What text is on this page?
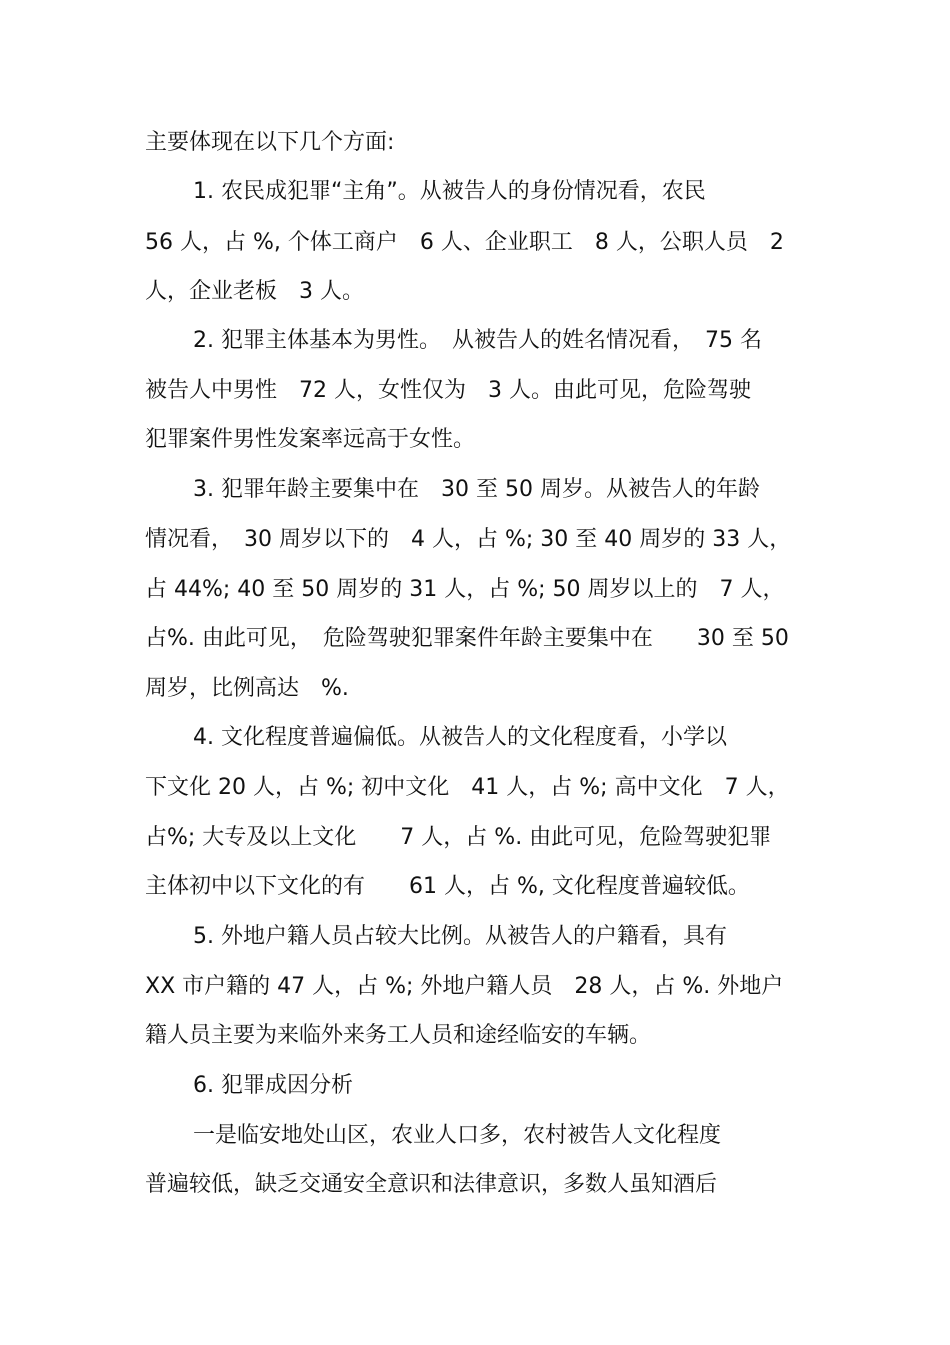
主要体现在以下几个方面:
1. 农民成犯罪“主角”。从被告人的身份情况看，农民
56 人，占 %, 个体工商户　6 人、企业职工　8 人，公职人员　2
人，企业老板　3 人。
2. 犯罪主体基本为男性。　从被告人的姓名情况看，　75 名
被告人中男性　72 人，女性仅为　3 人。由此可见，危险驾驶
犯罪案件男性发案率远高于女性。
3. 犯罪年龄主要集中在　30 至 50 周岁。从被告人的年龄
情况看，　30 周岁以下的　4 人，占 %; 30 至 40 周岁的 33 人，
占 44%; 40 至 50 周岁的 31 人，占 %; 50 周岁以上的　7 人，
占%. 由此可见，　危险驾驶犯罪案件年龄主要集中在　　30 至 50
周岁，比例高达　%.
4. 文化程度普遍偏低。从被告人的文化程度看，小学以
下文化 20 人，占 %; 初中文化　41 人，占 %; 高中文化　7 人，
占%; 大专及以上文化　　7 人，占 %. 由此可见，危险驾驶犯罪
主体初中以下文化的有　　61 人，占 %, 文化程度普遍较低。
5. 外地户籍人员占较大比例。从被告人的户籍看，具有
XX 市户籍的 47 人，占 %; 外地户籍人员　28 人，占 %. 外地户
籍人员主要为来临外来务工人员和途经临安的车辆。
6. 犯罪成因分析
一是临安地处山区，农业人口多，农村被告人文化程度
普遍较低，缺乏交通安全意识和法律意识，多数人虽知酒后
